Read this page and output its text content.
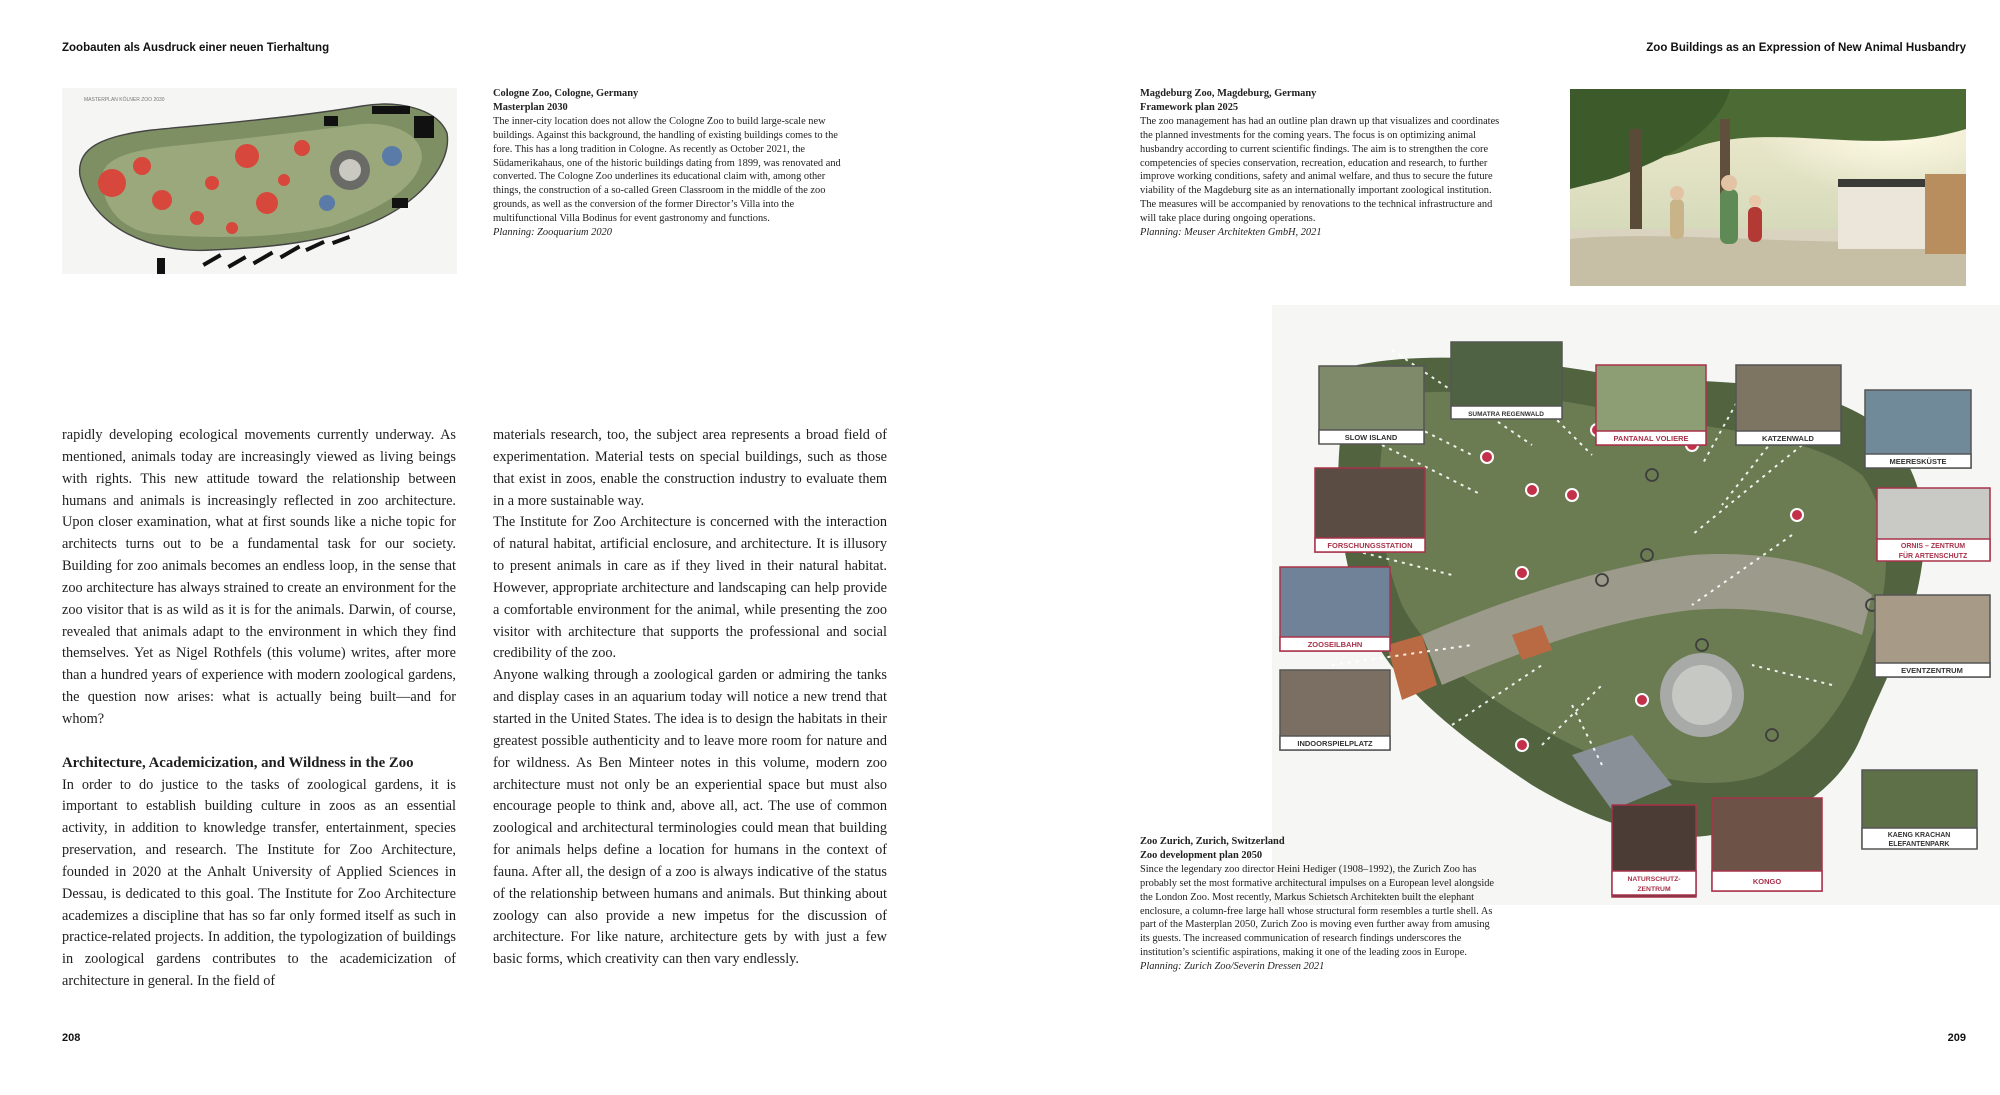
Zoobauten als Ausdruck einer neuen Tierhaltung	Zoo Buildings as an Expression of New Animal Husbandry
MASTERPLAN KÖLNER ZOO 2030

Cologne Zoo, Cologne, Germany

Masterplan 2030

The inner-city location does not allow the Cologne Zoo to build large-scale new buildings. Against this background, the handling of existing buildings comes to the fore. This has a long tradition in Cologne. As recently as October 2021, the Südamerikahaus, one of the historic buildings dating from 1899, was renovated and converted. The Cologne Zoo underlines its educational claim with, among other things, the construction of a so-called Green Classroom in the middle of the zoo grounds, as well as the conversion of the former Director’s Villa into the multifunctional Villa Bodinus for event gastronomy and functions.

Planning: Zooquarium 2020

Magdeburg Zoo, Magdeburg, Germany

Framework plan 2025

The zoo management has had an outline plan drawn up that visualizes and coordinates the planned investments for the coming years. The focus is on optimizing animal husbandry according to current scientific findings. The aim is to strengthen the core competencies of species conservation, recreation, education and research, to further improve working conditions, safety and animal welfare, and thus to secure the future viability of the Magdeburg site as an internationally important zoological institution. The measures will be accompanied by renovations to the technical infrastructure and will take place during ongoing operations.

Planning: Meuser Architekten GmbH, 2021

SLOW ISLAND
SUMATRA REGENWALD
PANTANAL VOLIERE	KATZENWALD
MEERESKÜSTE
FORSCHUNGSSTATION	ORNIS – ZENTRUM
FÜR ARTENSCHUTZ
ZOOSEILBAHN
EVENTZENTRUM
INDOORSPIELPLATZ
KAENG KRACHAN
ELEFANTENPARK
NATURSCHUTZ-
ZENTRUM
KONGO

Zoo Zurich, Zurich, Switzerland

Zoo development plan 2050

Since the legendary zoo director Heini Hediger (1908–1992), the Zurich Zoo has probably set the most formative architectural impulses on a European level alongside the London Zoo. Most recently, Markus Schietsch Architekten built the elephant enclosure, a column-free large hall whose structural form resembles a turtle shell. As part of the Masterplan 2050, Zurich Zoo is moving even further away from amusing its guests. The increased communication of research findings underscores the institution’s scientific aspirations, making it one of the leading zoos in Europe.

Planning: Zurich Zoo/Severin Dressen 2021

rapidly developing ecological movements currently underway. As mentioned, animals today are increasingly viewed as living beings with rights. This new attitude toward the relationship between humans and animals is increasingly reflected in zoo architecture. Upon closer examination, what at first sounds like a niche topic for architects turns out to be a fundamental task for our society. Building for zoo animals becomes an endless loop, in the sense that zoo architecture has always strained to create an environment for the zoo visitor that is as wild as it is for the animals. Darwin, of course, revealed that animals adapt to the environment in which they find themselves. Yet as Nigel Rothfels (this volume) writes, after more than a hundred years of experience with modern zoological gardens, the question now arises: what is actually being built—and for whom?

Architecture, Academicization, and Wildness in the Zoo

In order to do justice to the tasks of zoological gardens, it is important to establish building culture in zoos as an essential activity, in addition to knowledge transfer, entertainment, species preservation, and research. The Institute for Zoo Architecture, founded in 2020 at the Anhalt University of Applied Sciences in Dessau, is dedicated to this goal. The Institute for Zoo Architecture academizes a discipline that has so far only formed itself as such in practice-related projects. In addition, the typologization of buildings in zoological gardens contributes to the academicization of architecture in general. In the field of

materials research, too, the subject area represents a broad field of experimentation. Material tests on special buildings, such as those that exist in zoos, enable the construction industry to evaluate them in a more sustainable way.

The Institute for Zoo Architecture is concerned with the interaction of natural habitat, artificial enclosure, and architecture. It is illusory to present animals in care as if they lived in their natural habitat. However, appropriate architecture and landscaping can help provide a comfortable environment for the animal, while presenting the zoo visitor with architecture that supports the professional and social credibility of the zoo.

Anyone walking through a zoological garden or admiring the tanks and display cases in an aquarium today will notice a new trend that started in the United States. The idea is to design the habitats in their greatest possible authenticity and to leave more room for nature and for wildness. As Ben Minteer notes in this volume, modern zoo architecture must not only be an experiential space but must also encourage people to think and, above all, act. The use of common zoological and architectural terminologies could mean that building for animals helps define a location for humans in the context of fauna. After all, the design of a zoo is always indicative of the status of the relationship between humans and animals. But thinking about zoology can also provide a new impetus for the discussion of architecture. For like nature, architecture gets by with just a few basic forms, which creativity can then vary endlessly.

208	209
